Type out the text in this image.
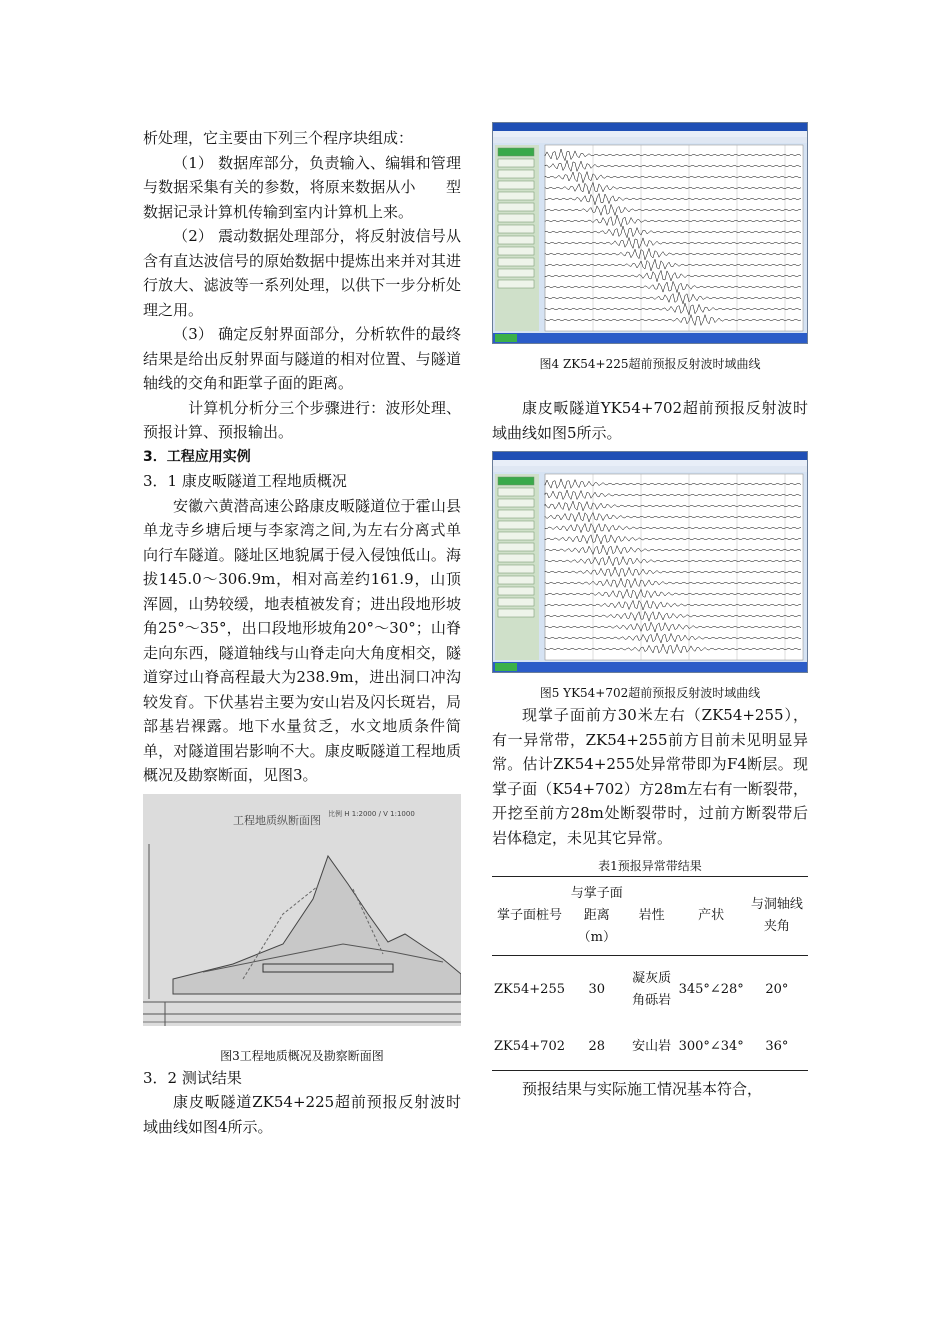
析处理，它主要由下列三个程序块组成：

（1） 数据库部分，负责输入、编辑和管理与数据采集有关的参数，将原来数据从小　　型数据记录计算机传输到室内计算机上来。

（2） 震动数据处理部分，将反射波信号从含有直达波信号的原始数据中提炼出来并对其进行放大、滤波等一系列处理，以供下一步分析处理之用。

（3） 确定反射界面部分，分析软件的最终结果是给出反射界面与隧道的相对位置、与隧道轴线的交角和距掌子面的距离。

　计算机分析分三个步骤进行：波形处理、预报计算、预报输出。

3．工程应用实例

3．1 康皮畈隧道工程地质概况

安徽六黄潜高速公路康皮畈隧道位于霍山县单龙寺乡塘后埂与李家湾之间,为左右分离式单向行车隧道。隧址区地貌属于侵入侵蚀低山。海拔145.0～306.9m，相对高差约161.9，山顶浑圆，山势较缓，地表植被发育；进出段地形坡角25°～35°，出口段地形坡角20°～30°；山脊走向东西，隧道轴线与山脊走向大角度相交，隧道穿过山脊高程最大为238.9m，进出洞口冲沟较发育。下伏基岩主要为安山岩及闪长斑岩，局部基岩裸露。地下水量贫乏，水文地质条件简单，对隧道围岩影响不大。康皮畈隧道工程地质概况及勘察断面，见图3。

工程地质纵断面图 比例 H 1:2000 / V 1:1000

图3工程地质概况及勘察断面图

3．2 测试结果

康皮畈隧道ZK54+225超前预报反射波时域曲线如图4所示。

图4 ZK54+225超前预报反射波时域曲线

康皮畈隧道YK54+702超前预报反射波时域曲线如图5所示。

图5 YK54+702超前预报反射波时域曲线

现掌子面前方30米左右（ZK54+255），有一异常带，ZK54+255前方目前未见明显异常。估计ZK54+255处异常带即为F4断层。现掌子面（K54+702）方28m左右有一断裂带，开挖至前方28m处断裂带时，过前方断裂带后岩体稳定，未见其它异常。

表1预报异常带结果

掌子面桩号	与掌子面距离（m）	岩性	产状	与洞轴线夹角
ZK54+255	30	凝灰质角砾岩	345°∠28°	20°
ZK54+702	28	安山岩	300°∠34°	36°

预报结果与实际施工情况基本符合，
